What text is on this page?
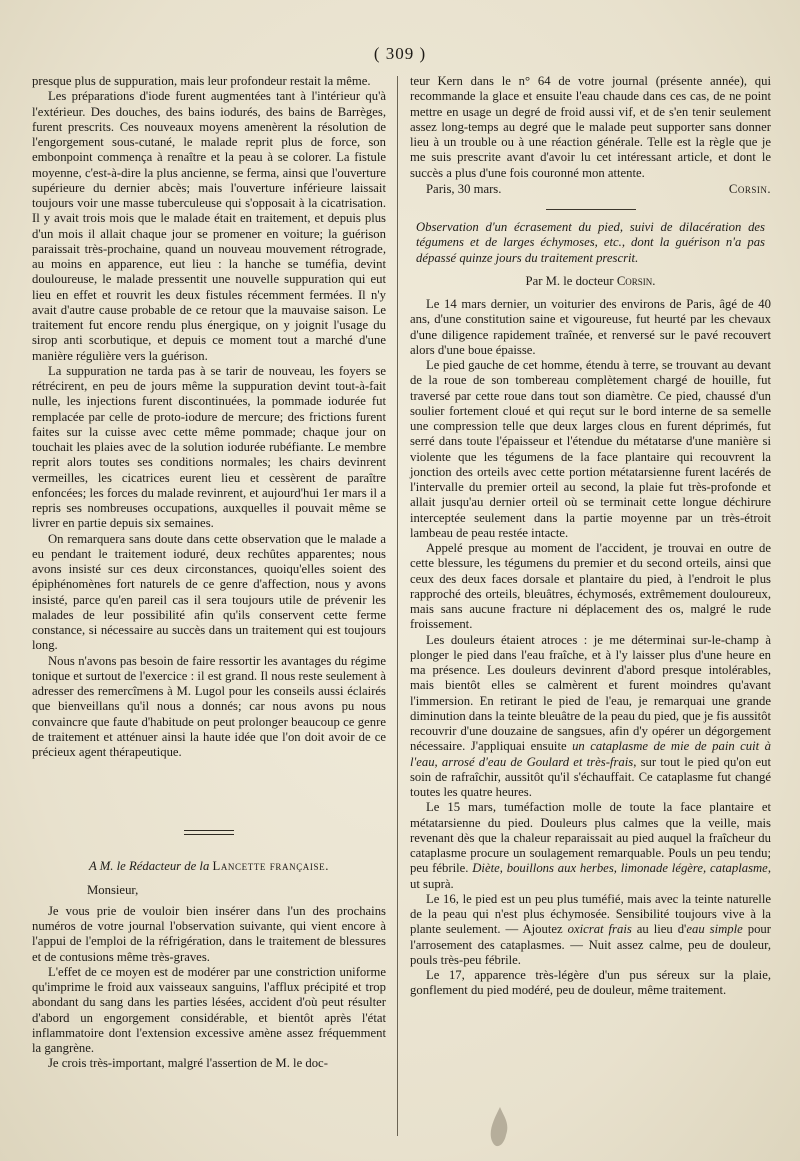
( 309 )

presque plus de suppuration, mais leur profondeur restait la même.

Les préparations d'iode furent augmentées tant à l'intérieur qu'à l'extérieur. Des douches, des bains iodurés, des bains de Barrèges, furent prescrits. Ces nouveaux moyens amenèrent la résolution de l'engorgement sous-cutané, le malade reprit plus de force, son embonpoint commença à renaître et la peau à se colorer. La fistule moyenne, c'est-à-dire la plus ancienne, se ferma, ainsi que l'ouverture supérieure du dernier abcès; mais l'ouverture inférieure laissait toujours voir une masse tuberculeuse qui s'opposait à la cicatrisation. Il y avait trois mois que le malade était en traitement, et depuis plus d'un mois il allait chaque jour se promener en voiture; la guérison paraissait très-prochaine, quand un nouveau mouvement rétrograde, au moins en apparence, eut lieu : la hanche se tuméfia, devint douloureuse, le malade pressentit une nouvelle suppuration qui eut lieu en effet et rouvrit les deux fistules récemment fermées. Il n'y avait d'autre cause probable de ce retour que la mauvaise saison. Le traitement fut encore rendu plus énergique, on y joignit l'usage du sirop anti scorbutique, et depuis ce moment tout a marché d'une manière régulière vers la guérison.

La suppuration ne tarda pas à se tarir de nouveau, les foyers se rétrécirent, en peu de jours même la suppuration devint tout-à-fait nulle, les injections furent discontinuées, la pommade iodurée fut remplacée par celle de proto-iodure de mercure; des frictions furent faites sur la cuisse avec cette même pommade; chaque jour on touchait les plaies avec de la solution iodurée rubéfiante. Le membre reprit alors toutes ses conditions normales; les chairs devinrent vermeilles, les cicatrices eurent lieu et cessèrent de paraître enfoncées; les forces du malade revinrent, et aujourd'hui 1er mars il a repris ses nombreuses occupations, auxquelles il pouvait même se livrer en partie depuis six semaines.

On remarquera sans doute dans cette observation que le malade a eu pendant le traitement ioduré, deux rechûtes apparentes; nous avons insisté sur ces deux circonstances, quoiqu'elles soient des épiphénomènes fort naturels de ce genre d'affection, nous y avons insisté, parce qu'en pareil cas il sera toujours utile de prévenir les malades de leur possibilité afin qu'ils conservent cette ferme constance, si nécessaire au succès dans un traitement qui est toujours long.

Nous n'avons pas besoin de faire ressortir les avantages du régime tonique et surtout de l'exercice : il est grand. Il nous reste seulement à adresser des remercîmens à M. Lugol pour les conseils aussi éclairés que bienveillans qu'il nous a donnés; car nous avons pu nous convaincre que faute d'habitude on peut prolonger beaucoup ce genre de traitement et atténuer ainsi la haute idée que l'on doit avoir de ce précieux agent thérapeutique.

A M. le Rédacteur de la Lancette française.

Monsieur,

Je vous prie de vouloir bien insérer dans l'un des prochains numéros de votre journal l'observation suivante, qui vient encore à l'appui de l'emploi de la réfrigération, dans le traitement de blessures et de contusions même très-graves.

L'effet de ce moyen est de modérer par une constriction uniforme qu'imprime le froid aux vaisseaux sanguins, l'afflux précipité et trop abondant du sang dans les parties lésées, accident d'où peut résulter d'abord un engorgement considérable, et bientôt après l'état inflammatoire dont l'extension excessive amène assez fréquemment la gangrène.

Je crois très-important, malgré l'assertion de M. le doc-

teur Kern dans le n° 64 de votre journal (présente année), qui recommande la glace et ensuite l'eau chaude dans ces cas, de ne point mettre en usage un degré de froid aussi vif, et de s'en tenir seulement assez long-temps au degré que le malade peut supporter sans donner lieu à un trouble ou à une réaction générale. Telle est la règle que je me suis prescrite avant d'avoir lu cet intéressant article, et dont le succès a plus d'une fois couronné mon attente.

Paris, 30 mars.	Corsin.

Observation d'un écrasement du pied, suivi de dilacération des tégumens et de larges échymoses, etc., dont la guérison n'a pas dépassé quinze jours du traitement prescrit.

Par M. le docteur Corsin.

Le 14 mars dernier, un voiturier des environs de Paris, âgé de 40 ans, d'une constitution saine et vigoureuse, fut heurté par les chevaux d'une diligence rapidement traînée, et renversé sur le pavé recouvert alors d'une boue épaisse.

Le pied gauche de cet homme, étendu à terre, se trouvant au devant de la roue de son tombereau complètement chargé de houille, fut traversé par cette roue dans tout son diamètre. Ce pied, chaussé d'un soulier fortement cloué et qui reçut sur le bord interne de sa semelle une compression telle que deux larges clous en furent déprimés, fut serré dans toute l'épaisseur et l'étendue du métatarse d'une manière si violente que les tégumens de la face plantaire qui recouvrent la jonction des orteils avec cette portion métatarsienne furent lacérés de l'intervalle du premier orteil au second, la plaie fut très-profonde et allait jusqu'au dernier orteil où se terminait cette longue déchirure interceptée seulement dans la partie moyenne par un très-étroit lambeau de peau restée intacte.

Appelé presque au moment de l'accident, je trouvai en outre de cette blessure, les tégumens du premier et du second orteils, ainsi que ceux des deux faces dorsale et plantaire du pied, à l'endroit le plus rapproché des orteils, bleuâtres, échymosés, extrêmement douloureux, mais sans aucune fracture ni déplacement des os, malgré le rude froissement.

Les douleurs étaient atroces : je me déterminai sur-le-champ à plonger le pied dans l'eau fraîche, et à l'y laisser plus d'une heure en ma présence. Les douleurs devinrent d'abord presque intolérables, mais bientôt elles se calmèrent et furent moindres qu'avant l'immersion. En retirant le pied de l'eau, je remarquai une grande diminution dans la teinte bleuâtre de la peau du pied, que je fis aussitôt recouvrir d'une douzaine de sangsues, afin d'y opérer un dégorgement nécessaire. J'appliquai ensuite un cataplasme de mie de pain cuit à l'eau, arrosé d'eau de Goulard et très-frais, sur tout le pied qu'on eut soin de rafraîchir, aussitôt qu'il s'échauffait. Ce cataplasme fut changé toutes les quatre heures.

Le 15 mars, tuméfaction molle de toute la face plantaire et métatarsienne du pied. Douleurs plus calmes que la veille, mais revenant dès que la chaleur reparaissait au pied auquel la fraîcheur du cataplasme procure un soulagement remarquable. Pouls un peu tendu; peu fébrile. Diète, bouillons aux herbes, limonade légère, cataplasme, ut suprà.

Le 16, le pied est un peu plus tuméfié, mais avec la teinte naturelle de la peau qui n'est plus échymosée. Sensibilité toujours vive à la plante seulement. — Ajoutez oxicrat frais au lieu d'eau simple pour l'arrosement des cataplasmes. — Nuit assez calme, peu de douleur, pouls très-peu fébrile.

Le 17, apparence très-légère d'un pus séreux sur la plaie, gonflement du pied modéré, peu de douleur, même traitement.
